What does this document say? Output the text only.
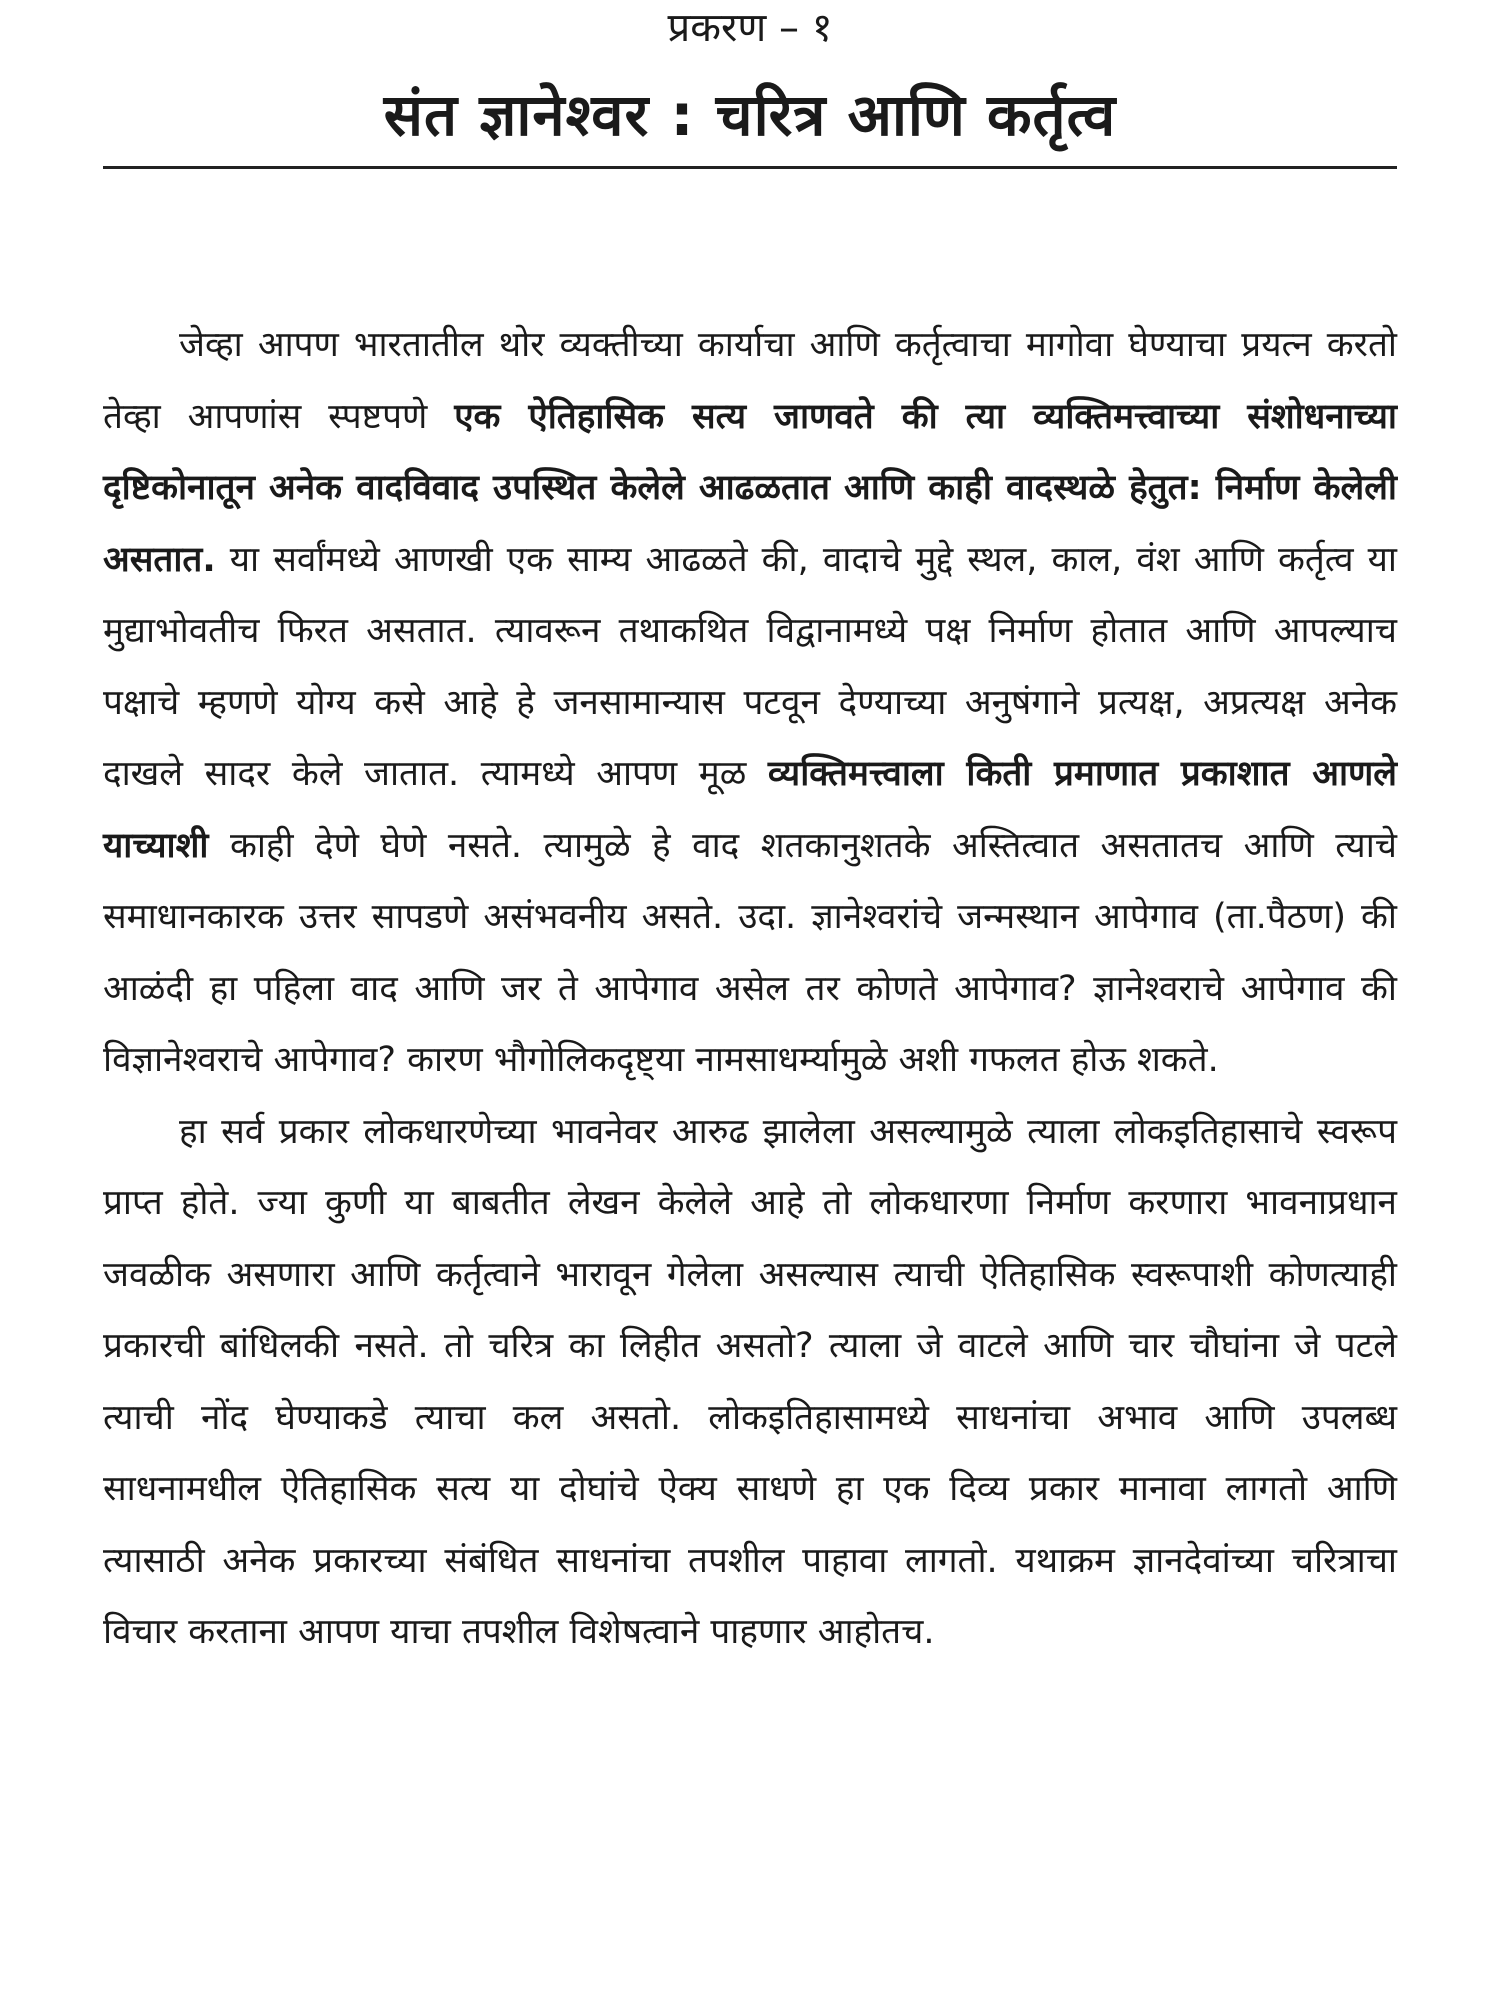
प्रकरण – १
संत ज्ञानेश्वर : चरित्र आणि कर्तृत्व

जेव्हा आपण भारतातील थोर व्यक्तीच्या कार्याचा आणि कर्तृत्वाचा मागोवा घेण्याचा प्रयत्न करतो तेव्हा आपणांस स्पष्टपणे एक ऐतिहासिक सत्य जाणवते की त्या व्यक्तिमत्त्वाच्या संशोधनाच्या दृष्टिकोनातून अनेक वादविवाद उपस्थित केलेले आढळतात आणि काही वादस्थळे हेतुत: निर्माण केलेली असतात. या सर्वांमध्ये आणखी एक साम्य आढळते की, वादाचे मुद्दे स्थल, काल, वंश आणि कर्तृत्व या मुद्याभोवतीच फिरत असतात. त्यावरून तथाकथित विद्वानामध्ये पक्ष निर्माण होतात आणि आपल्याच पक्षाचे म्हणणे योग्य कसे आहे हे जनसामान्यास पटवून देण्याच्या अनुषंगाने प्रत्यक्ष, अप्रत्यक्ष अनेक दाखले सादर केले जातात. त्यामध्ये आपण मूळ व्यक्तिमत्त्वाला किती प्रमाणात प्रकाशात आणले याच्याशी काही देणे घेणे नसते. त्यामुळे हे वाद शतकानुशतके अस्तित्वात असतातच आणि त्याचे समाधानकारक उत्तर सापडणे असंभवनीय असते. उदा. ज्ञानेश्वरांचे जन्मस्थान आपेगाव (ता.पैठण) की आळंदी हा पहिला वाद आणि जर ते आपेगाव असेल तर कोणते आपेगाव? ज्ञानेश्वराचे आपेगाव की विज्ञानेश्वराचे आपेगाव? कारण भौगोलिकदृष्ट्या नामसाधर्म्यामुळे अशी गफलत होऊ शकते.

हा सर्व प्रकार लोकधारणेच्या भावनेवर आरुढ झालेला असल्यामुळे त्याला लोकइतिहासाचे स्वरूप प्राप्त होते. ज्या कुणी या बाबतीत लेखन केलेले आहे तो लोकधारणा निर्माण करणारा भावनाप्रधान जवळीक असणारा आणि कर्तृत्वाने भारावून गेलेला असल्यास त्याची ऐतिहासिक स्वरूपाशी कोणत्याही प्रकारची बांधिलकी नसते. तो चरित्र का लिहीत असतो? त्याला जे वाटले आणि चार चौघांना जे पटले त्याची नोंद घेण्याकडे त्याचा कल असतो. लोकइतिहासामध्ये साधनांचा अभाव आणि उपलब्ध साधनामधील ऐतिहासिक सत्य या दोघांचे ऐक्य साधणे हा एक दिव्य प्रकार मानावा लागतो आणि त्यासाठी अनेक प्रकारच्या संबंधित साधनांचा तपशील पाहावा लागतो. यथाक्रम ज्ञानदेवांच्या चरित्राचा विचार करताना आपण याचा तपशील विशेषत्वाने पाहणार आहोतच.
